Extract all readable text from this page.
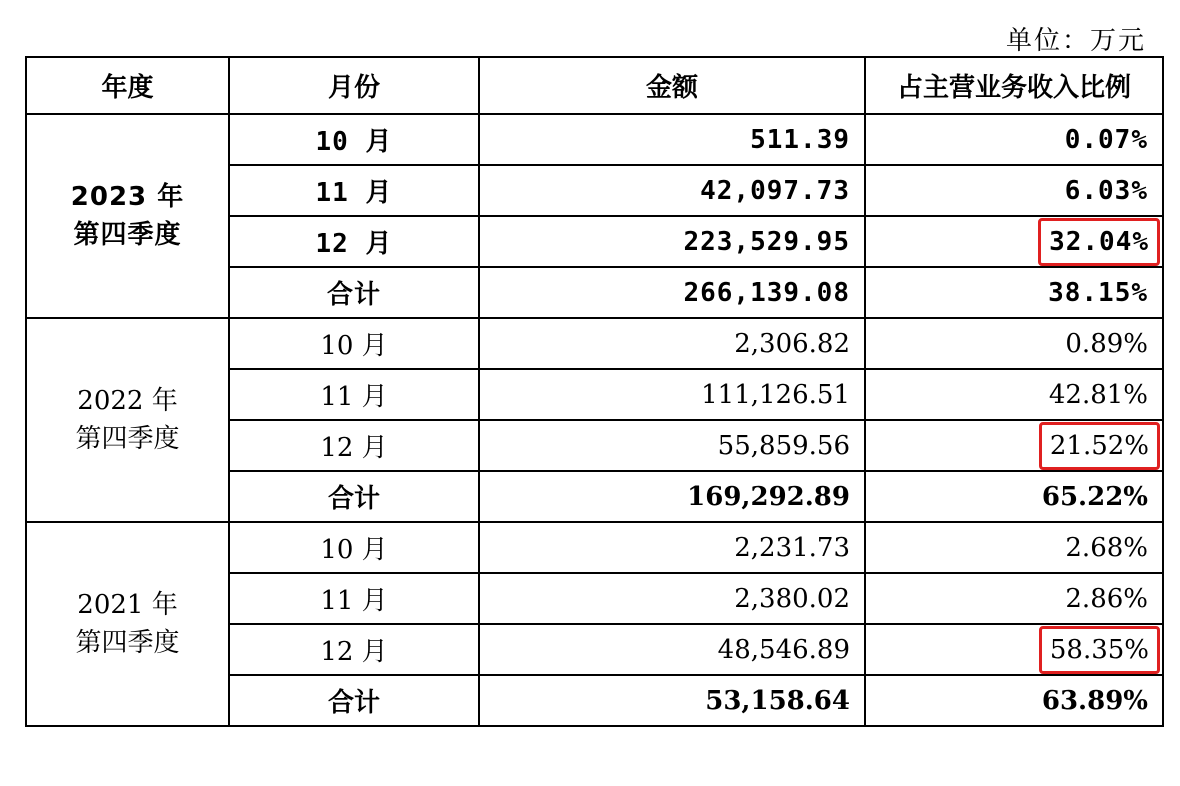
单位：万元
年度	月份	金额	占主营业务收入比例

2023 年
第四季度	10 月	511.39	0.07%
	11 月	42,097.73	6.03%
	12 月	223,529.95	32.04%
	合计	266,139.08	38.15%

2022 年
第四季度	10 月	2,306.82	0.89%
	11 月	111,126.51	42.81%
	12 月	55,859.56	21.52%
	合计	169,292.89	65.22%

2021 年
第四季度	10 月	2,231.73	2.68%
	11 月	2,380.02	2.86%
	12 月	48,546.89	58.35%
	合计	53,158.64	63.89%
